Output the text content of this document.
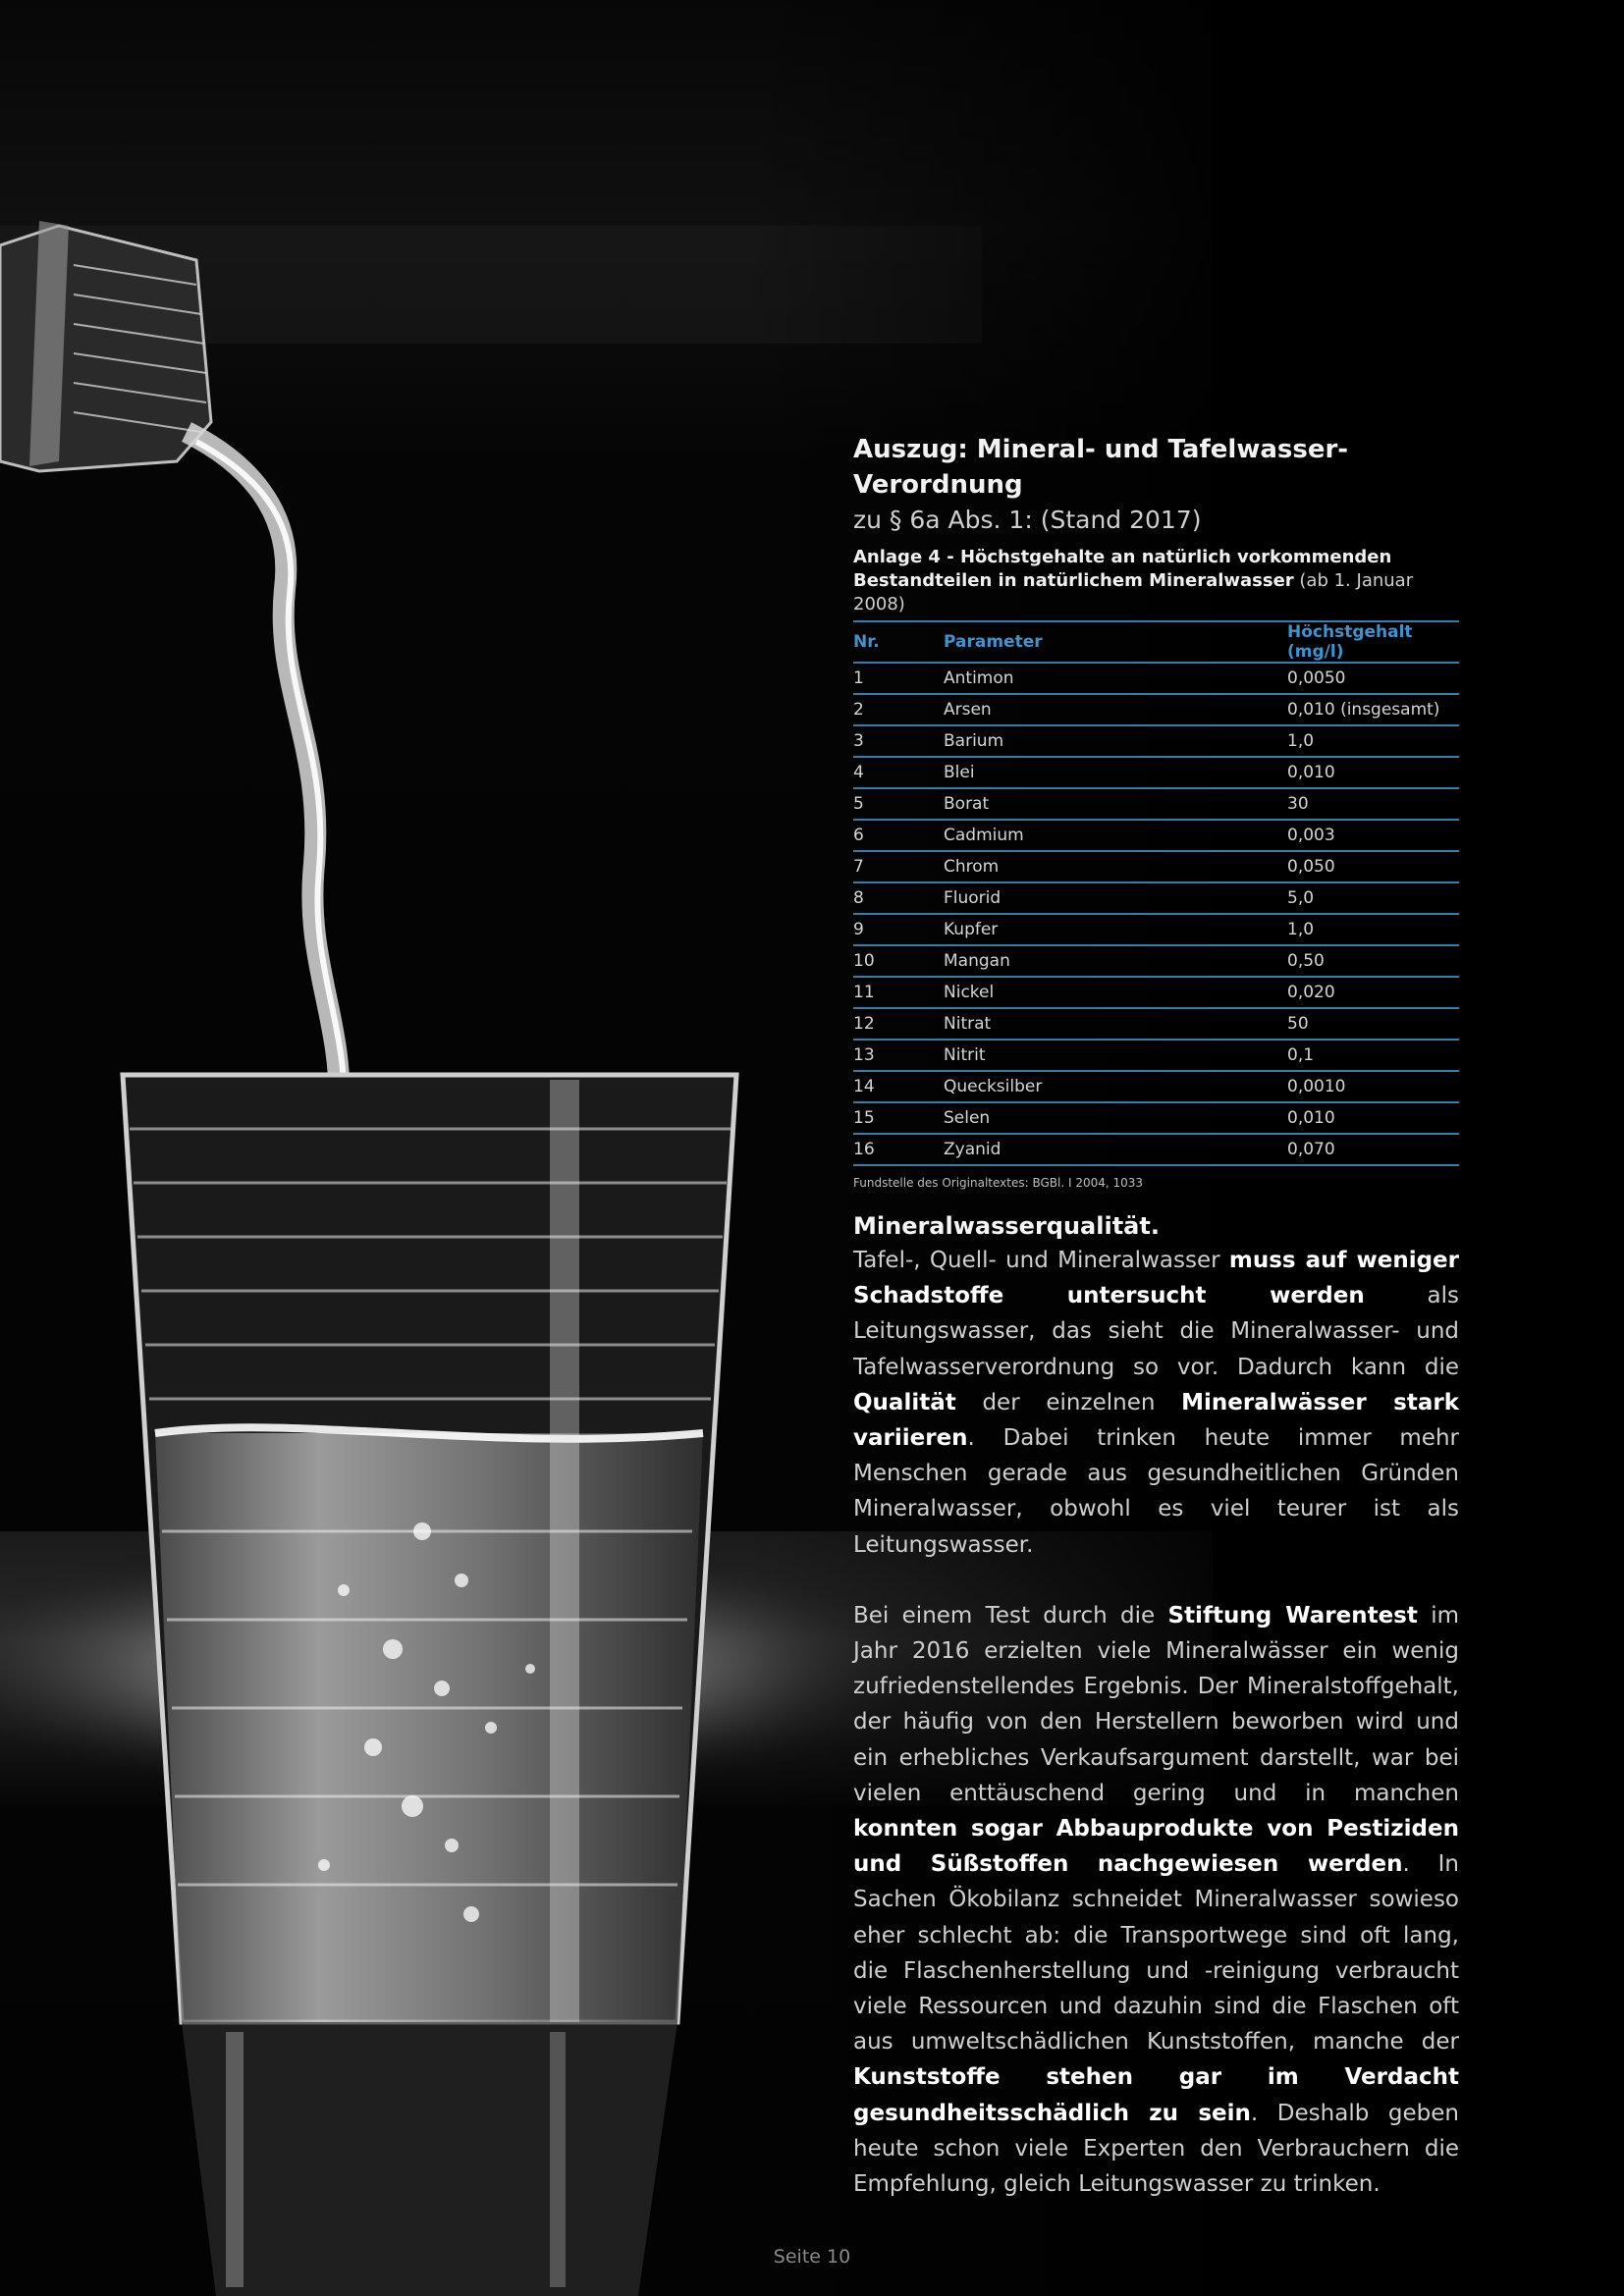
Auszug: Mineral- und Tafelwasser-Verordnung
zu § 6a Abs. 1: (Stand 2017)
Anlage 4 - Höchstgehalte an natürlich vorkommenden Bestandteilen in natürlichem Mineralwasser (ab 1. Januar 2008)
Nr.	Parameter	Höchstgehalt (mg/l)
1	Antimon	0,0050
2	Arsen	0,010 (insgesamt)
3	Barium	1,0
4	Blei	0,010
5	Borat	30
6	Cadmium	0,003
7	Chrom	0,050
8	Fluorid	5,0
9	Kupfer	1,0
10	Mangan	0,50
11	Nickel	0,020
12	Nitrat	50
13	Nitrit	0,1
14	Quecksilber	0,0010
15	Selen	0,010
16	Zyanid	0,070
Fundstelle des Originaltextes: BGBl. I 2004, 1033
Mineralwasserqualität.

Tafel-, Quell- und Mineralwasser muss auf weniger Schadstoffe untersucht werden als Leitungswasser, das sieht die Mineralwasser- und Tafelwasserverordnung so vor. Dadurch kann die Qualität der einzelnen Mineralwässer stark variieren. Dabei trinken heute immer mehr Menschen gerade aus gesundheitlichen Gründen Mineralwasser, obwohl es viel teurer ist als Leitungswasser.

Bei einem Test durch die Stiftung Warentest im Jahr 2016 erzielten viele Mineralwässer ein wenig zufriedenstellendes Ergebnis. Der Mineralstoffgehalt, der häufig von den Herstellern beworben wird und ein erhebliches Verkaufsargument darstellt, war bei vielen enttäuschend gering und in manchen konnten sogar Abbauprodukte von Pestiziden und Süßstoffen nachgewiesen werden. In Sachen Ökobilanz schneidet Mineralwasser sowieso eher schlecht ab: die Transportwege sind oft lang, die Flaschenherstellung und -reinigung verbraucht viele Ressourcen und dazuhin sind die Flaschen oft aus umweltschädlichen Kunststoffen, manche der Kunststoffe stehen gar im Verdacht gesundheitsschädlich zu sein. Deshalb geben heute schon viele Experten den Verbrauchern die Empfehlung, gleich Leitungswasser zu trinken.

Seite 10
